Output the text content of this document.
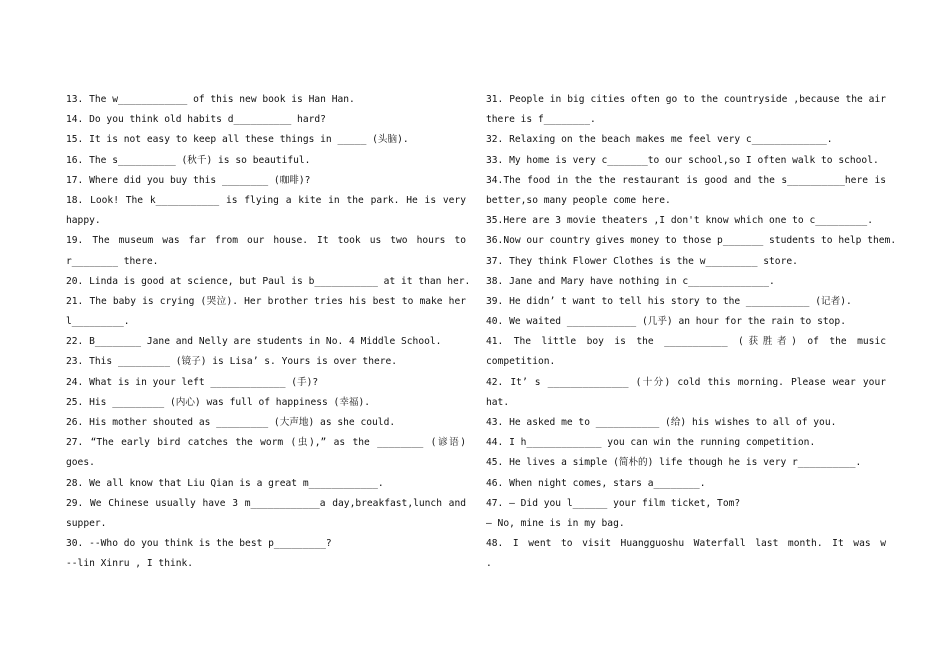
13. The w____________ of this new book is Han Han.
14. Do you think old habits d__________ hard?
15. It is not easy to keep all these things in _____ (头脑).
16. The s__________ (秋千) is so beautiful.
17. Where did you buy this ________ (咖啡)?
18. Look! The k___________ is flying a kite in the park. He is very
happy.
19. The museum was far from our house. It took us two hours to
r________ there.
20. Linda is good at science, but Paul is b___________ at it than her.
21. The baby is crying (哭泣). Her brother tries his best to make her
l_________.
22. B________ Jane and Nelly are students in No. 4 Middle School.
23. This _________ (镜子) is Lisa’ s. Yours is over there.
24. What is in your left _____________ (手)?
25. His _________ (内心) was full of happiness (幸福).
26. His mother shouted as _________ (大声地) as she could.
27. “The early bird catches the worm (虫),” as the ________ (谚语)
goes.
28. We all know that Liu Qian is a great m____________.
29. We Chinese usually have 3 m____________a day,breakfast,lunch and
supper.
30. --Who do you think is the best p_________?
--lin Xinru , I think.
31. People in big cities often go to the countryside ,because the air
there is f________.
32. Relaxing on the beach makes me feel very c_____________.
33. My home is very c_______to our school,so I often walk to school.
34.The food in the the restaurant is good and the s__________here is
better,so many people come here.
35.Here are 3 movie theaters ,I don't know which one to c_________.
36.Now our country gives money to those p_______ students to help them.
37. They think Flower Clothes is the w_________ store.
38. Jane and Mary have nothing in c______________.
39. He didn’ t want to tell his story to the ___________ (记者).
40. We waited ____________ (几乎) an hour for the rain to stop.
41. The little boy is the ___________ (获胜者) of the music
competition.
42. It’ s ______________ (十分) cold this morning. Please wear your
hat.
43. He asked me to ___________ (给) his wishes to all of you.
44. I h_____________ you can win the running competition.
45. He lives a simple (简朴的) life though he is very r__________.
46. When night comes, stars a________.
47. — Did you l______ your film ticket, Tom?
— No, mine is in my bag.
48. I went to visit Huangguoshu Waterfall last month. It was w
.
